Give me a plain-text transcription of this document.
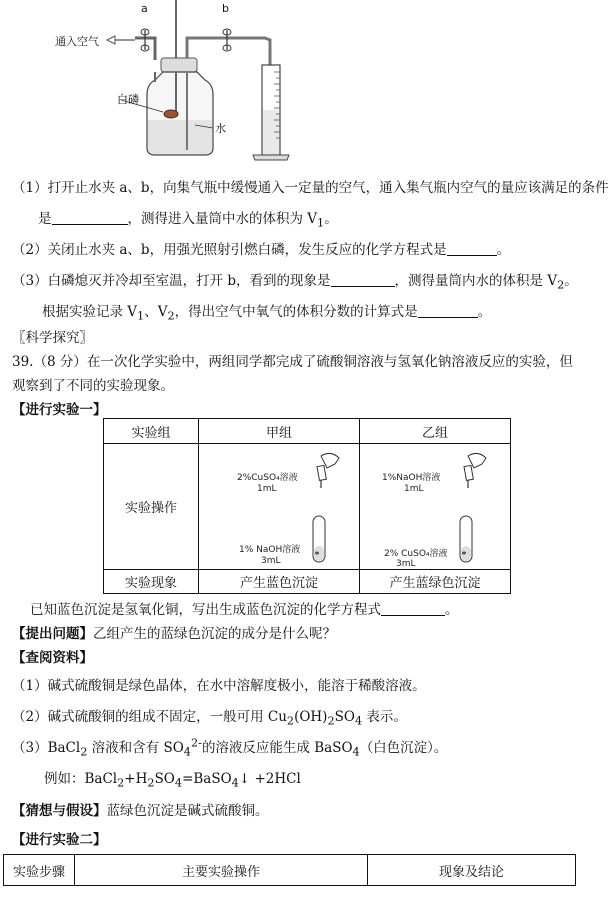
a	b
通入空气
白磷
水
（1）打开止水夹 a、b，向集气瓶中缓慢通入一定量的空气，通入集气瓶内空气的量应该满足的条件
是	，测得进入量筒中水的体积为 $V_1$。
（2）关闭止水夹 a、b，用强光照射引燃白磷，发生反应的化学方程式是	。
（3）白磷熄灭并冷却至室温，打开 b，看到的现象是	，测得量筒内水的体积是 $V_2$。
根据实验记录 $V_1$、$V_2$，得出空气中氧气的体积分数的计算式是	。
〖科学探究〗
39.（8 分）在一次化学实验中，两组同学都完成了硫酸铜溶液与氢氧化钠溶液反应的实验，但
观察到了不同的实验现象。
【进行实验一】
实验组	甲组	乙组
实验操作	2%CuSO₄溶液
1mL
1% NaOH溶液
3mL	1%NaOH溶液
1mL
2% CuSO₄溶液
3mL

实验现象	产生蓝色沉淀	产生蓝绿色沉淀
已知蓝色沉淀是氢氧化铜，写出生成蓝色沉淀的化学方程式	。
【提出问题】乙组产生的蓝绿色沉淀的成分是什么呢？
【查阅资料】
（1）碱式硫酸铜是绿色晶体，在水中溶解度极小，能溶于稀酸溶液。
（2）碱式硫酸铜的组成不固定，一般可用 $Cu_2(OH)_2SO_4$ 表示。
（3）BaCl$_2$ 溶液和含有 $SO_4^{2-}$的溶液反应能生成 BaSO$_4$（白色沉淀）。
例如：$BaCl_2+H_2SO_4=BaSO_4↓ +2HCl$
【猜想与假设】蓝绿色沉淀是碱式硫酸铜。
【进行实验二】
实验步骤	主要实验操作	现象及结论
